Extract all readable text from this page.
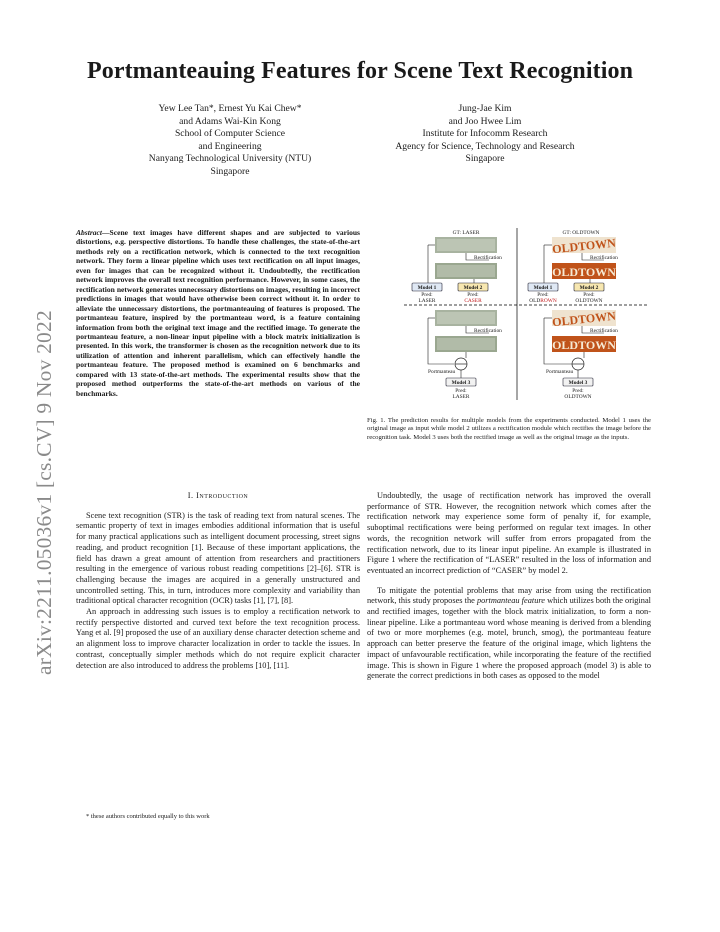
arXiv:2211.05036v1 [cs.CV] 9 Nov 2022
Portmanteauing Features for Scene Text Recognition
Yew Lee Tan*, Ernest Yu Kai Chew*
and Adams Wai-Kin Kong
School of Computer Science
and Engineering
Nanyang Technological University (NTU)
Singapore
Jung-Jae Kim
and Joo Hwee Lim
Institute for Infocomm Research
Agency for Science, Technology and Research
Singapore
Abstract—Scene text images have different shapes and are subjected to various distortions, e.g. perspective distortions. To handle these challenges, the state-of-the-art methods rely on a rectification network, which is connected to the text recognition network. They form a linear pipeline which uses text rectification on all input images, even for images that can be recognized without it. Undoubtedly, the rectification network improves the overall text recognition performance. However, in some cases, the rectification network generates unnecessary distortions on images, resulting in incorrect predictions in images that would have otherwise been correct without it. In order to alleviate the unnecessary distortions, the portmanteauing of features is proposed. The portmanteau feature, inspired by the portmanteau word, is a feature containing information from both the original text image and the rectified image. To generate the portmanteau feature, a non-linear input pipeline with a block matrix initialization is presented. In this work, the transformer is chosen as the recognition network due to its utilization of attention and inherent parallelism, which can effectively handle the portmanteau feature. The proposed method is examined on 6 benchmarks and compared with 13 state-of-the-art methods. The experimental results show that the proposed method outperforms the state-of-the-art methods on various of the benchmarks.
I. Introduction

Scene text recognition (STR) is the task of reading text from natural scenes. The semantic property of text in images embodies additional information that is useful for many practical applications such as intelligent document processing, street signs reading, and product recognition [1]. Because of these important applications, the field has drawn a great amount of attention from researchers and practitioners resulting in the emergence of various robust reading competitions [2]–[6]. STR is challenging because the images are acquired in a generally unstructured and uncontrolled setting. This, in turn, introduces more complexity and variability than traditional optical character recognition (OCR) tasks [1], [7], [8].

An approach in addressing such issues is to employ a rectification network to rectify perspective distorted and curved text before the text recognition process. Yang et al. [9] proposed the use of an auxiliary dense character detection scheme and an alignment loss to improve character localization in order to tackle the issues. In contrast, conceptually simpler methods which do not require explicit character detection are also introduced to address the problems [10], [11].

* these authors contributed equally to this work
GT: LASER
Rectification
Model 1
Pred:
LASER
Model 2
Pred:
CASER
GT: OLDTOWN
OLDTOWN
Rectification
OLDTOWN
Model 1
Pred:
OLDROWN
Model 2
Pred:
OLDTOWN
Rectification
Portmanteau
Model 3
Pred:
LASER
OLDTOWN
Rectification
OLDTOWN
Portmanteau
Model 3
Pred:
OLDTOWN
Fig. 1. The prediction results for multiple models from the experiments conducted. Model 1 uses the original image as input while model 2 utilizes a rectification module which rectifies the image before the recognition task. Model 3 uses both the rectified image as well as the original image as the inputs.

Undoubtedly, the usage of rectification network has improved the overall performance of STR. However, the recognition network which comes after the rectification network may experience some form of penalty if, for example, suboptimal rectifications were being performed on regular text images. In other words, the recognition network will suffer from errors propagated from the rectification network, due to its linear input pipeline. An example is illustrated in Figure 1 where the rectification of “LASER” resulted in the loss of information and eventuated an incorrect prediction of “CASER” by model 2.

To mitigate the potential problems that may arise from using the rectification network, this study proposes the portmanteau feature which utilizes both the original and rectified images, together with the block matrix initialization, to form a non-linear pipeline. Like a portmanteau word whose meaning is derived from a blending of two or more morphemes (e.g. motel, brunch, smog), the portmanteau feature approach can better preserve the feature of the original image, which lightens the impact of unfavourable rectification, while incorporating the feature of the rectified image. This is shown in Figure 1 where the proposed approach (model 3) is able to generate the correct predictions in both cases as opposed to the model
